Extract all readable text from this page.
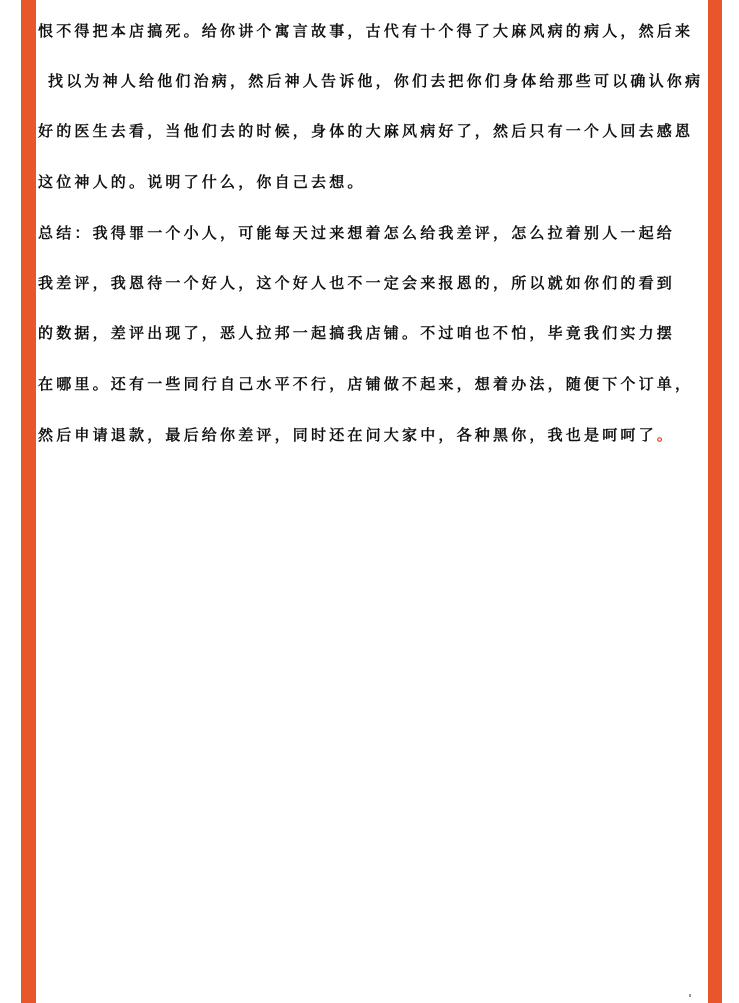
恨不得把本店搞死。给你讲个寓言故事，古代有十个得了大麻风病的病人，然后来
找以为神人给他们治病，然后神人告诉他，你们去把你们身体给那些可以确认你病
好的医生去看，当他们去的时候，身体的大麻风病好了，然后只有一个人回去感恩
这位神人的。说明了什么，你自己去想。
总结：我得罪一个小人，可能每天过来想着怎么给我差评，怎么拉着别人一起给
我差评，我恩待一个好人，这个好人也不一定会来报恩的，所以就如你们的看到
的数据，差评出现了，恶人拉邦一起搞我店铺。不过咱也不怕，毕竟我们实力摆
在哪里。还有一些同行自己水平不行，店铺做不起来，想着办法，随便下个订单，
然后申请退款，最后给你差评，同时还在问大家中，各种黑你，我也是呵呵了。
